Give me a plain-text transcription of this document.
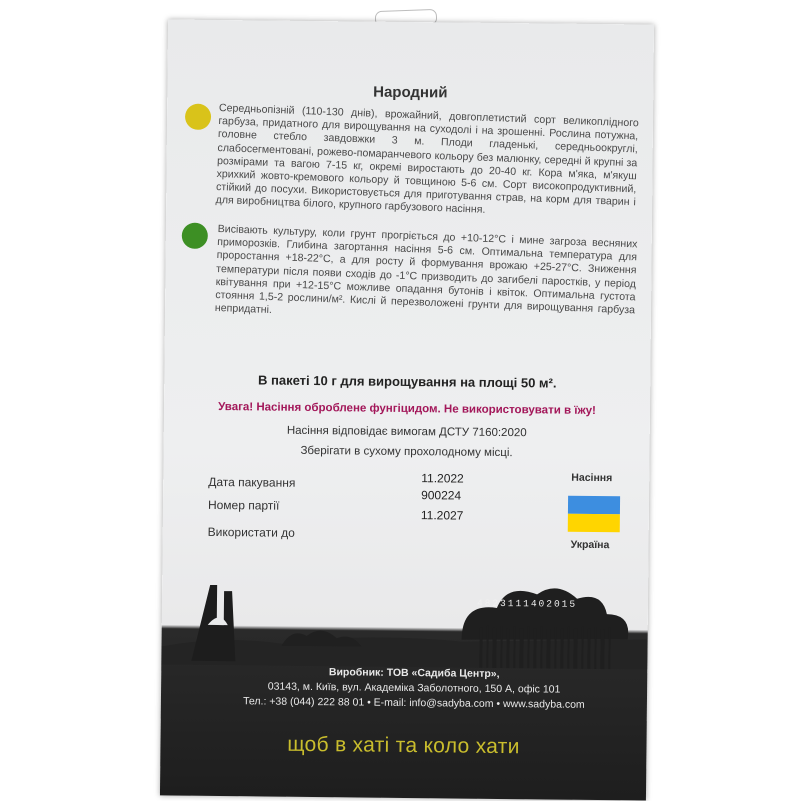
Народний
Середньопізній (110-130 днів), врожайний, довгоплетистий сорт великоплідного гарбуза, придатного для вирощування на суходолі і на зрошенні. Рослина потужна, головне стебло завдовжки 3 м. Плоди гладенькі, середньоокруглі, слабосегментовані, рожево-помаранчевого кольору без малюнку, середні й крупні за розмірами та вагою 7-15 кг, окремі виростають до 20-40 кг. Кора м'яка, м'якуш хрихкий жовто-кремового кольору й товщиною 5-6 см. Сорт високопродуктивний, стійкий до посухи. Використовується для приготування страв, на корм для тварин і для виробництва білого, крупного гарбузового насіння.
Висівають культуру, коли грунт прогріється до +10-12°C і мине загроза весняних приморозків. Глибина загортання насіння 5-6 см. Оптимальна температура для проростання +18-22°C, а для росту й формування врожаю +25-27°C. Зниження температури після появи сходів до -1°C призводить до загибелі паростків, у період квітування при +12-15°C можливе опадання бутонів і квіток. Оптимальна густота стояння 1,5-2 рослини/м². Кислі й перезволожені грунти для вирощування гарбуза непридатні.
В пакеті 10 г для вирощування на площі 50 м².
Увага! Насіння оброблене фунгіцидом. Не використовувати в їжу!
Насіння відповідає вимогам ДСТУ 7160:2020
Зберігати в сухому прохолодному місці.
Дата пакування
Номер партії
Використати до
11.2022
900224
11.2027
Насіння
Україна
4823111402015
Виробник: ТОВ «Садиба Центр»,
03143, м. Київ, вул. Академіка Заболотного, 150 А, офіс 101
Тел.: +38 (044) 222 88 01 • E-mail: info@sadyba.com • www.sadyba.com
щоб в хаті та коло хати
